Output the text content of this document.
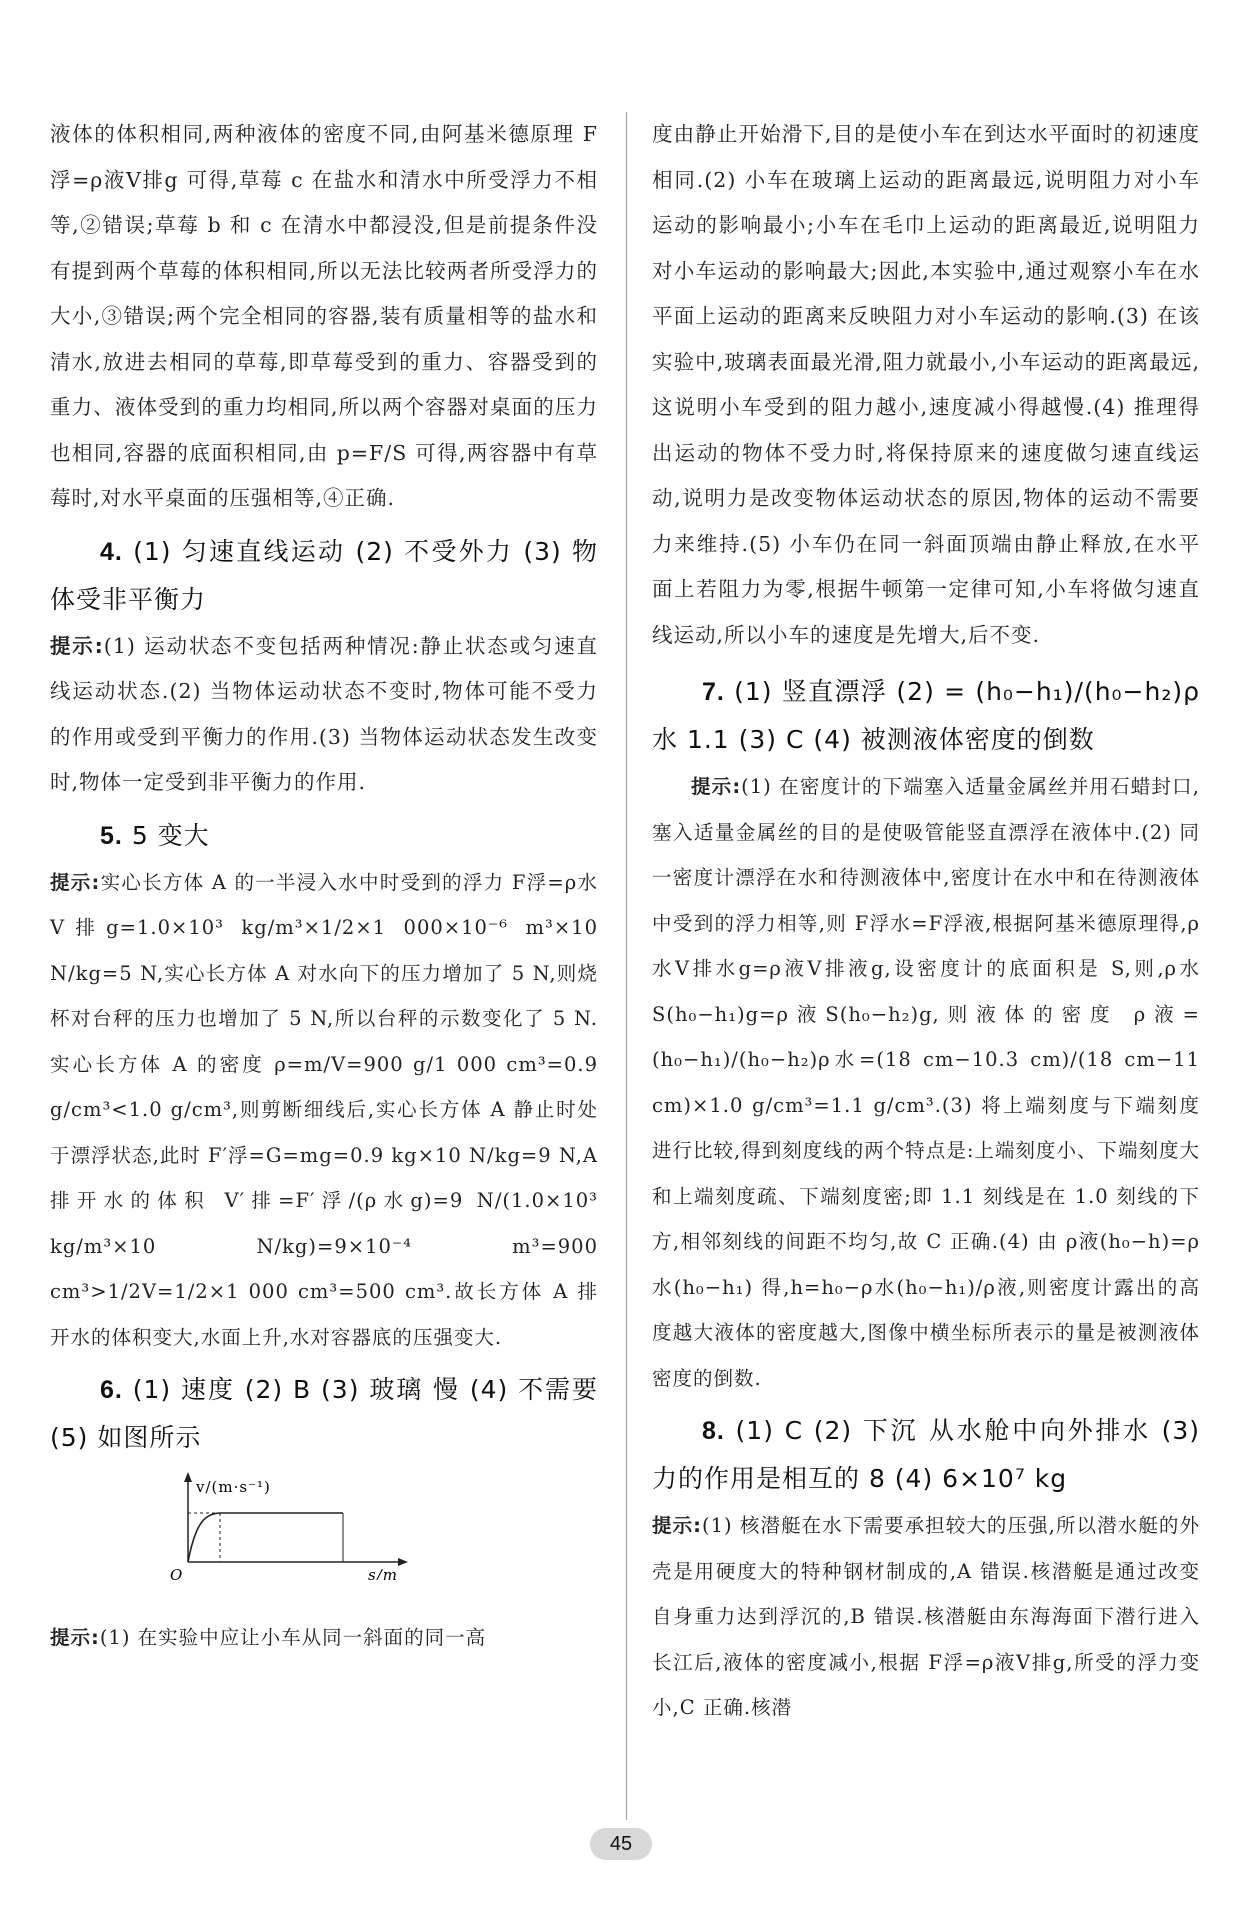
液体的体积相同,两种液体的密度不同,由阿基米德原理 F浮=ρ液V排g 可得,草莓 c 在盐水和清水中所受浮力不相等,②错误;草莓 b 和 c 在清水中都浸没,但是前提条件没有提到两个草莓的体积相同,所以无法比较两者所受浮力的大小,③错误;两个完全相同的容器,装有质量相等的盐水和清水,放进去相同的草莓,即草莓受到的重力、容器受到的重力、液体受到的重力均相同,所以两个容器对桌面的压力也相同,容器的底面积相同,由 p=F/S 可得,两容器中有草莓时,对水平桌面的压强相等,④正确.

4. (1) 匀速直线运动 (2) 不受外力 (3) 物体受非平衡力

提示:(1) 运动状态不变包括两种情况:静止状态或匀速直线运动状态.(2) 当物体运动状态不变时,物体可能不受力的作用或受到平衡力的作用.(3) 当物体运动状态发生改变时,物体一定受到非平衡力的作用.

5. 5 变大

提示:实心长方体 A 的一半浸入水中时受到的浮力 F浮=ρ水V排g=1.0×10³ kg/m³×1/2×1 000×10⁻⁶ m³×10 N/kg=5 N,实心长方体 A 对水向下的压力增加了 5 N,则烧杯对台秤的压力也增加了 5 N,所以台秤的示数变化了 5 N.实心长方体 A 的密度 ρ=m/V=900 g/1 000 cm³=0.9 g/cm³<1.0 g/cm³,则剪断细线后,实心长方体 A 静止时处于漂浮状态,此时 F′浮=G=mg=0.9 kg×10 N/kg=9 N,A 排开水的体积 V′排=F′浮/(ρ水g)=9 N/(1.0×10³ kg/m³×10 N/kg)=9×10⁻⁴ m³=900 cm³>1/2V=1/2×1 000 cm³=500 cm³.故长方体 A 排开水的体积变大,水面上升,水对容器底的压强变大.

6. (1) 速度 (2) B (3) 玻璃 慢 (4) 不需要 (5) 如图所示

v/(m·s⁻¹)
s/m
O

提示:(1) 在实验中应让小车从同一斜面的同一高

度由静止开始滑下,目的是使小车在到达水平面时的初速度相同.(2) 小车在玻璃上运动的距离最远,说明阻力对小车运动的影响最小;小车在毛巾上运动的距离最近,说明阻力对小车运动的影响最大;因此,本实验中,通过观察小车在水平面上运动的距离来反映阻力对小车运动的影响.(3) 在该实验中,玻璃表面最光滑,阻力就最小,小车运动的距离最远,这说明小车受到的阻力越小,速度减小得越慢.(4) 推理得出运动的物体不受力时,将保持原来的速度做匀速直线运动,说明力是改变物体运动状态的原因,物体的运动不需要力来维持.(5) 小车仍在同一斜面顶端由静止释放,在水平面上若阻力为零,根据牛顿第一定律可知,小车将做匀速直线运动,所以小车的速度是先增大,后不变.

7. (1) 竖直漂浮 (2) = (h₀−h₁)/(h₀−h₂)ρ水 1.1 (3) C (4) 被测液体密度的倒数

提示:(1) 在密度计的下端塞入适量金属丝并用石蜡封口,塞入适量金属丝的目的是使吸管能竖直漂浮在液体中.(2) 同一密度计漂浮在水和待测液体中,密度计在水中和在待测液体中受到的浮力相等,则 F浮水=F浮液,根据阿基米德原理得,ρ水V排水g=ρ液V排液g,设密度计的底面积是 S,则,ρ水S(h₀−h₁)g=ρ液S(h₀−h₂)g,则液体的密度 ρ液=(h₀−h₁)/(h₀−h₂)ρ水=(18 cm−10.3 cm)/(18 cm−11 cm)×1.0 g/cm³=1.1 g/cm³.(3) 将上端刻度与下端刻度进行比较,得到刻度线的两个特点是:上端刻度小、下端刻度大和上端刻度疏、下端刻度密;即 1.1 刻线是在 1.0 刻线的下方,相邻刻线的间距不均匀,故 C 正确.(4) 由 ρ液(h₀−h)=ρ水(h₀−h₁) 得,h=h₀−ρ水(h₀−h₁)/ρ液,则密度计露出的高度越大液体的密度越大,图像中横坐标所表示的量是被测液体密度的倒数.

8. (1) C (2) 下沉 从水舱中向外排水 (3) 力的作用是相互的 8 (4) 6×10⁷ kg

提示:(1) 核潜艇在水下需要承担较大的压强,所以潜水艇的外壳是用硬度大的特种钢材制成的,A 错误.核潜艇是通过改变自身重力达到浮沉的,B 错误.核潜艇由东海海面下潜行进入长江后,液体的密度减小,根据 F浮=ρ液V排g,所受的浮力变小,C 正确.核潜

45
